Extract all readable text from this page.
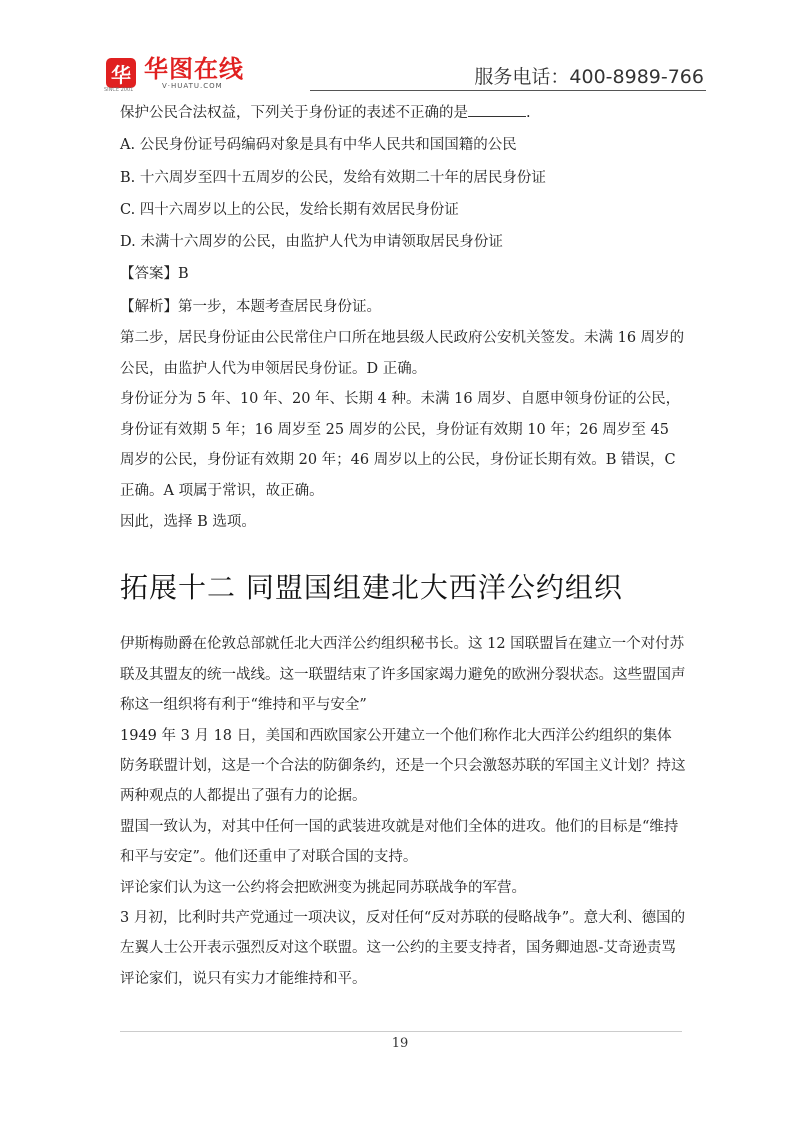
华 华图在线
V·HUATU.COM
SINCE 2001
服务电话：400-8989-766

保护公民合法权益，下列关于身份证的表述不正确的是	.

A. 公民身份证号码编码对象是具有中华人民共和国国籍的公民

B. 十六周岁至四十五周岁的公民，发给有效期二十年的居民身份证

C. 四十六周岁以上的公民，发给长期有效居民身份证

D. 未满十六周岁的公民，由监护人代为申请领取居民身份证

【答案】B

【解析】第一步，本题考查居民身份证。

第二步，居民身份证由公民常住户口所在地县级人民政府公安机关签发。未满 16 周岁的公民，由监护人代为申领居民身份证。D 正确。

身份证分为 5 年、10 年、20 年、长期 4 种。未满 16 周岁、自愿申领身份证的公民，身份证有效期 5 年；16 周岁至 25 周岁的公民，身份证有效期 10 年；26 周岁至 45 周岁的公民，身份证有效期 20 年；46 周岁以上的公民，身份证长期有效。B 错误，C 正确。A 项属于常识，故正确。

因此，选择 B 选项。

拓展十二 同盟国组建北大西洋公约组织

伊斯梅勋爵在伦敦总部就任北大西洋公约组织秘书长。这 12 国联盟旨在建立一个对付苏联及其盟友的统一战线。这一联盟结束了许多国家竭力避免的欧洲分裂状态。这些盟国声称这一组织将有利于“维持和平与安全”

1949 年 3 月 18 日，美国和西欧国家公开建立一个他们称作北大西洋公约组织的集体防务联盟计划，这是一个合法的防御条约，还是一个只会激怒苏联的军国主义计划？持这两种观点的人都提出了强有力的论据。

盟国一致认为，对其中任何一国的武装进攻就是对他们全体的进攻。他们的目标是“维持和平与安定”。他们还重申了对联合国的支持。

评论家们认为这一公约将会把欧洲变为挑起同苏联战争的军营。

3 月初，比利时共产党通过一项决议，反对任何“反对苏联的侵略战争”。意大利、德国的左翼人士公开表示强烈反对这个联盟。这一公约的主要支持者，国务卿迪恩-艾奇逊责骂评论家们，说只有实力才能维持和平。

19
